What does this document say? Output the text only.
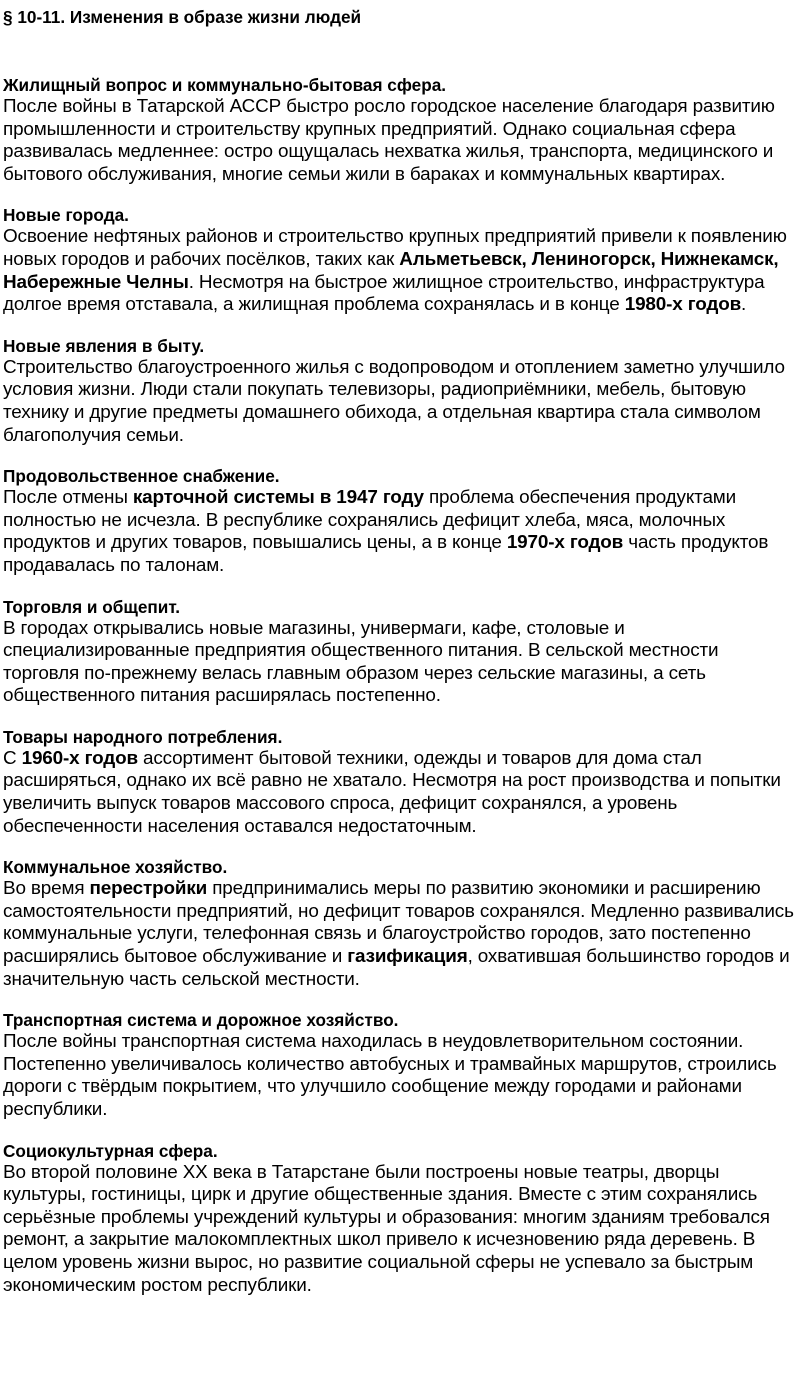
§ 10-11. Изменения в образе жизни людей
Жилищный вопрос и коммунально-бытовая сфера.

После войны в Татарской АССР быстро росло городское население благодаря развитию промышленности и строительству крупных предприятий. Однако социальная сфера развивалась медленнее: остро ощущалась нехватка жилья, транспорта, медицинского и бытового обслуживания, многие семьи жили в бараках и коммунальных квартирах.

Новые города.

Освоение нефтяных районов и строительство крупных предприятий привели к появлению новых городов и рабочих посёлков, таких как Альметьевск, Лениногорск, Нижнекамск, Набережные Челны. Несмотря на быстрое жилищное строительство, инфраструктура долгое время отставала, а жилищная проблема сохранялась и в конце 1980-х годов.

Новые явления в быту.

Строительство благоустроенного жилья с водопроводом и отоплением заметно улучшило условия жизни. Люди стали покупать телевизоры, радиоприёмники, мебель, бытовую технику и другие предметы домашнего обихода, а отдельная квартира стала символом благополучия семьи.

Продовольственное снабжение.

После отмены карточной системы в 1947 году проблема обеспечения продуктами полностью не исчезла. В республике сохранялись дефицит хлеба, мяса, молочных продуктов и других товаров, повышались цены, а в конце 1970-х годов часть продуктов продавалась по талонам.

Торговля и общепит.

В городах открывались новые магазины, универмаги, кафе, столовые и специализированные предприятия общественного питания. В сельской местности торговля по-прежнему велась главным образом через сельские магазины, а сеть общественного питания расширялась постепенно.

Товары народного потребления.

С 1960-х годов ассортимент бытовой техники, одежды и товаров для дома стал расширяться, однако их всё равно не хватало. Несмотря на рост производства и попытки увеличить выпуск товаров массового спроса, дефицит сохранялся, а уровень обеспеченности населения оставался недостаточным.

Коммунальное хозяйство.

Во время перестройки предпринимались меры по развитию экономики и расширению самостоятельности предприятий, но дефицит товаров сохранялся. Медленно развивались коммунальные услуги, телефонная связь и благоустройство городов, зато постепенно расширялись бытовое обслуживание и газификация, охватившая большинство городов и значительную часть сельской местности.

Транспортная система и дорожное хозяйство.

После войны транспортная система находилась в неудовлетворительном состоянии. Постепенно увеличивалось количество автобусных и трамвайных маршрутов, строились дороги с твёрдым покрытием, что улучшило сообщение между городами и районами республики.

Социокультурная сфера.

Во второй половине XX века в Татарстане были построены новые театры, дворцы культуры, гостиницы, цирк и другие общественные здания. Вместе с этим сохранялись серьёзные проблемы учреждений культуры и образования: многим зданиям требовался ремонт, а закрытие малокомплектных школ привело к исчезновению ряда деревень. В целом уровень жизни вырос, но развитие социальной сферы не успевало за быстрым экономическим ростом республики.
